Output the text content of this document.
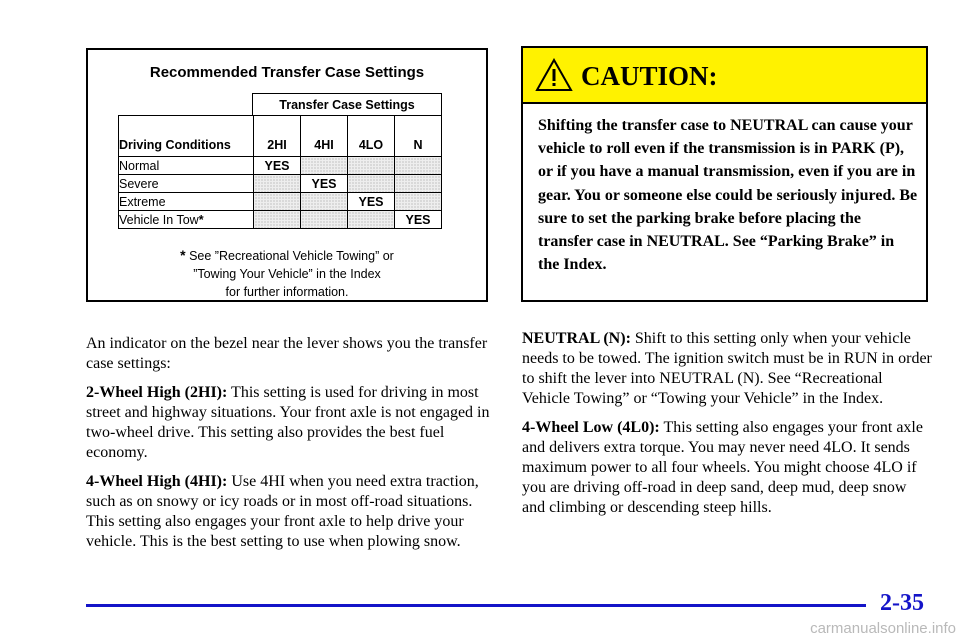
Recommended Transfer Case Settings
Transfer Case Settings
Driving Conditions	2HI	4HI	4LO	N
Normal	YES			
Severe		YES		
Extreme			YES	
Vehicle In Tow*				YES
* See ”Recreational Vehicle Towing” or
”Towing Your Vehicle” in the Index
for further information.
CAUTION:

Shifting the transfer case to NEUTRAL can cause your vehicle to roll even if the transmission is in PARK (P), or if you have a manual transmission, even if you are in gear. You or someone else could be seriously injured. Be sure to set the parking brake before placing the transfer case in NEUTRAL. See “Parking Brake” in the Index.

An indicator on the bezel near the lever shows you the transfer case settings:

2-Wheel High (2HI): This setting is used for driving in most street and highway situations. Your front axle is not engaged in two-wheel drive. This setting also provides the best fuel economy.

4-Wheel High (4HI): Use 4HI when you need extra traction, such as on snowy or icy roads or in most off-road situations. This setting also engages your front axle to help drive your vehicle. This is the best setting to use when plowing snow.

NEUTRAL (N): Shift to this setting only when your vehicle needs to be towed. The ignition switch must be in RUN in order to shift the lever into NEUTRAL (N). See “Recreational Vehicle Towing” or “Towing your Vehicle” in the Index.

4-Wheel Low (4L0): This setting also engages your front axle and delivers extra torque. You may never need 4LO. It sends maximum power to all four wheels. You might choose 4LO if you are driving off-road in deep sand, deep mud, deep snow and climbing or descending steep hills.

2-35

carmanualsonline.info
